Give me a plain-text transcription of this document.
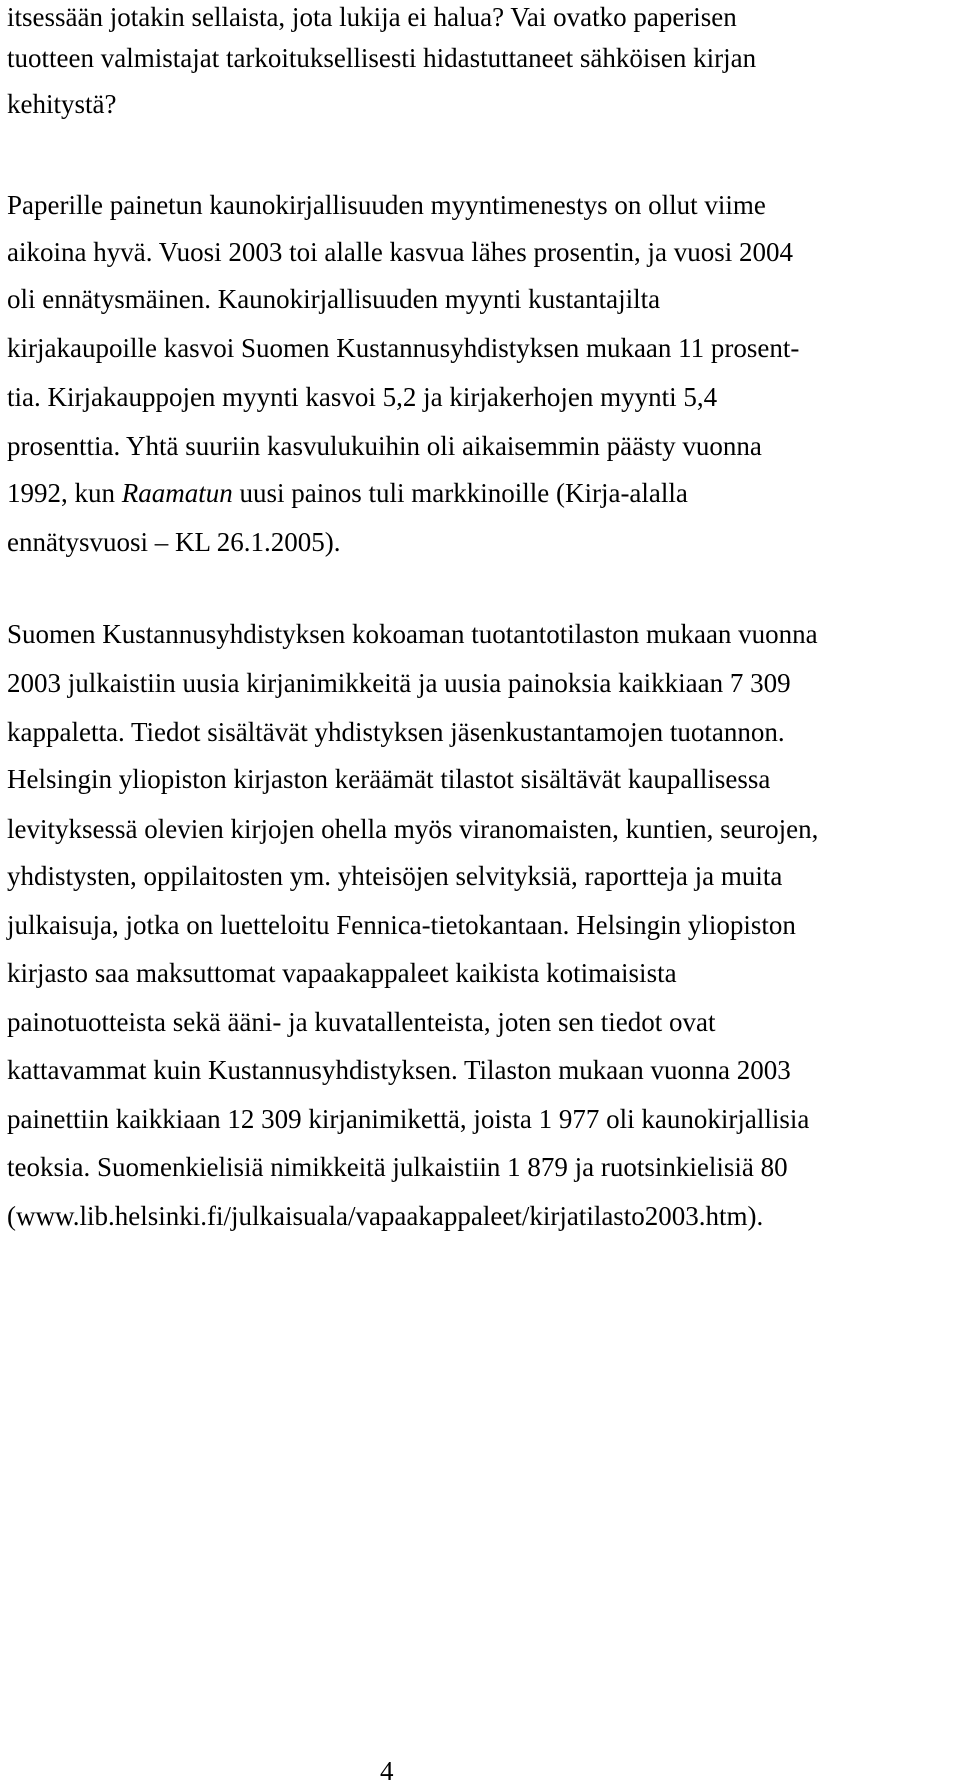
itsessään jotakin sellaista, jota lukija ei halua? Vai ovatko paperisen
tuotteen valmistajat tarkoituksellisesti hidastuttaneet sähköisen kirjan
kehitystä?
Paperille painetun kaunokirjallisuuden myyntimenestys on ollut viime
aikoina hyvä. Vuosi 2003 toi alalle kasvua lähes prosentin, ja vuosi 2004
oli ennätysmäinen. Kaunokirjallisuuden myynti kustantajilta
kirjakaupoille kasvoi Suomen Kustannusyhdistyksen mukaan 11 prosent-
tia. Kirjakauppojen myynti kasvoi 5,2 ja kirjakerhojen myynti 5,4
prosenttia. Yhtä suuriin kasvulukuihin oli aikaisemmin päästy vuonna
1992, kun Raamatun uusi painos tuli markkinoille (Kirja-alalla
ennätysvuosi – KL 26.1.2005).
Suomen Kustannusyhdistyksen kokoaman tuotantotilaston mukaan vuonna
2003 julkaistiin uusia kirjanimikkeitä ja uusia painoksia kaikkiaan 7 309
kappaletta. Tiedot sisältävät yhdistyksen jäsenkustantamojen tuotannon.
Helsingin yliopiston kirjaston keräämät tilastot sisältävät kaupallisessa
levityksessä olevien kirjojen ohella myös viranomaisten, kuntien, seurojen,
yhdistysten, oppilaitosten ym. yhteisöjen selvityksiä, raportteja ja muita
julkaisuja, jotka on luetteloitu Fennica-tietokantaan. Helsingin yliopiston
kirjasto saa maksuttomat vapaakappaleet kaikista kotimaisista
painotuotteista sekä ääni- ja kuvatallenteista, joten sen tiedot ovat
kattavammat kuin Kustannusyhdistyksen. Tilaston mukaan vuonna 2003
painettiin kaikkiaan 12 309 kirjanimikettä, joista 1 977 oli kaunokirjallisia
teoksia. Suomenkielisiä nimikkeitä julkaistiin 1 879 ja ruotsinkielisiä 80
(www.lib.helsinki.fi/julkaisuala/vapaakappaleet/kirjatilasto2003.htm).
4
